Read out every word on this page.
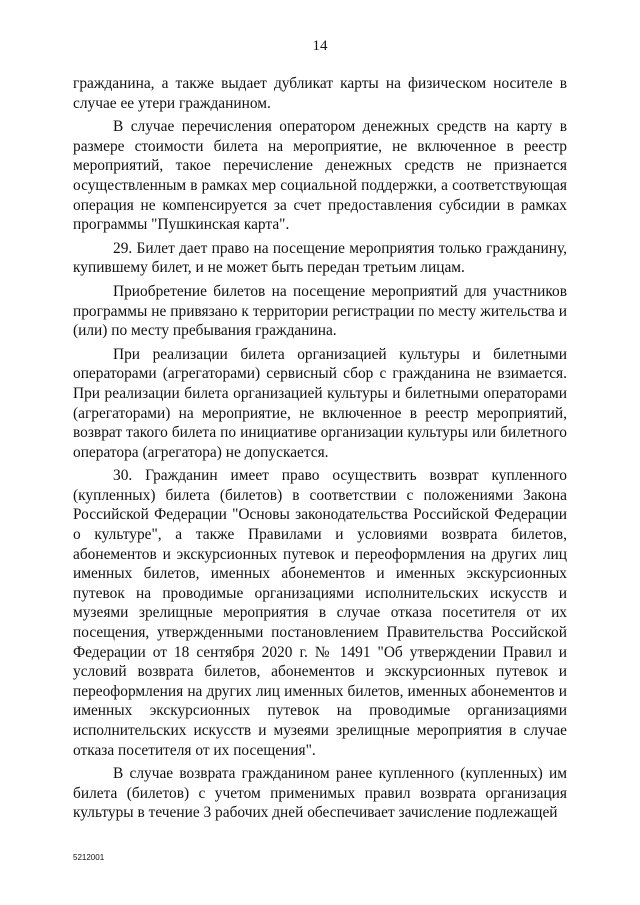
14

гражданина, а также выдает дубликат карты на физическом носителе в случае ее утери гражданином.

В случае перечисления оператором денежных средств на карту в размере стоимости билета на мероприятие, не включенное в реестр мероприятий, такое перечисление денежных средств не признается осуществленным в рамках мер социальной поддержки, а соответствующая операция не компенсируется за счет предоставления субсидии в рамках программы "Пушкинская карта".

29. Билет дает право на посещение мероприятия только гражданину, купившему билет, и не может быть передан третьим лицам.

Приобретение билетов на посещение мероприятий для участников программы не привязано к территории регистрации по месту жительства и (или) по месту пребывания гражданина.

При реализации билета организацией культуры и билетными операторами (агрегаторами) сервисный сбор с гражданина не взимается. При реализации билета организацией культуры и билетными операторами (агрегаторами) на мероприятие, не включенное в реестр мероприятий, возврат такого билета по инициативе организации культуры или билетного оператора (агрегатора) не допускается.

30. Гражданин имеет право осуществить возврат купленного (купленных) билета (билетов) в соответствии с положениями Закона Российской Федерации "Основы законодательства Российской Федерации о культуре", а также Правилами и условиями возврата билетов, абонементов и экскурсионных путевок и переоформления на других лиц именных билетов, именных абонементов и именных экскурсионных путевок на проводимые организациями исполнительских искусств и музеями зрелищные мероприятия в случае отказа посетителя от их посещения, утвержденными постановлением Правительства Российской Федерации от 18 сентября 2020 г. № 1491 "Об утверждении Правил и условий возврата билетов, абонементов и экскурсионных путевок и переоформления на других лиц именных билетов, именных абонементов и именных экскурсионных путевок на проводимые организациями исполнительских искусств и музеями зрелищные мероприятия в случае отказа посетителя от их посещения".

В случае возврата гражданином ранее купленного (купленных) им билета (билетов) с учетом применимых правил возврата организация культуры в течение 3 рабочих дней обеспечивает зачисление подлежащей

5212001
